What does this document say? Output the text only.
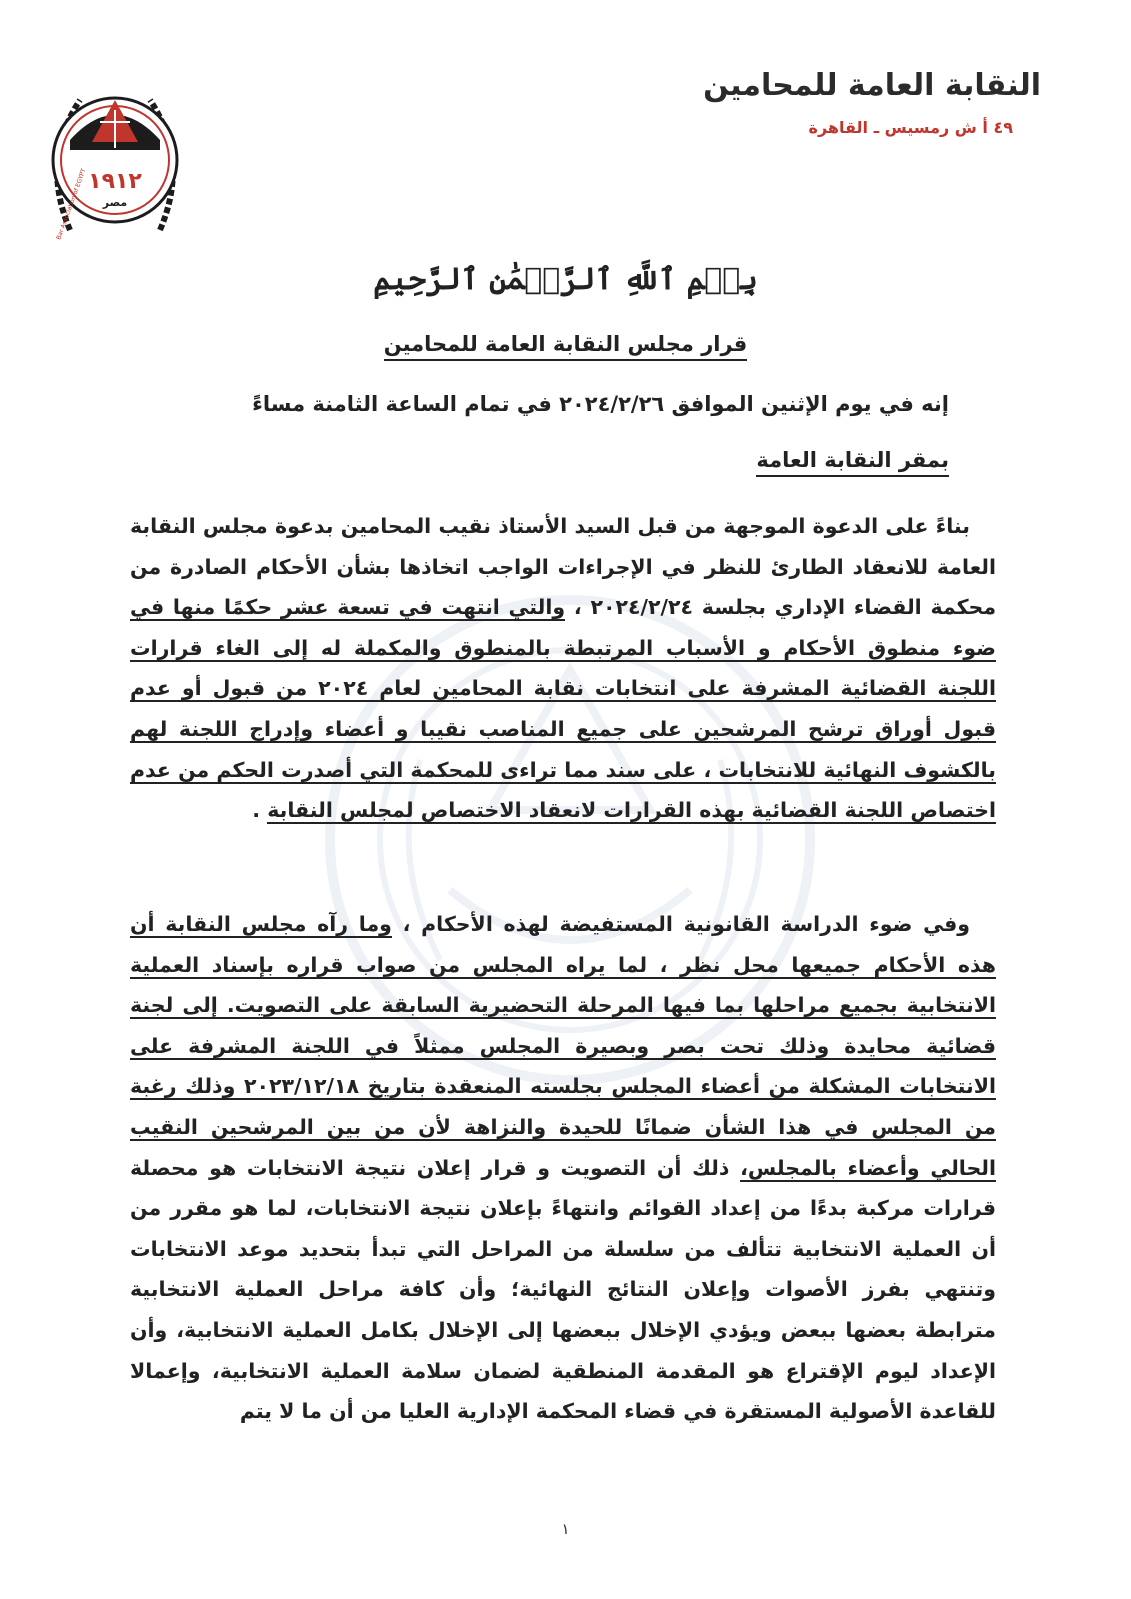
النقابة العامة للمحامين
٤٩ أ ش رمسيس ـ القاهرة
١٩١٢
مصر
Bar Association of EGYPT
بِسۡمِ ٱللَّهِ ٱلرَّحۡمَٰنِ ٱلرَّحِيمِ
قرار مجلس النقابة العامة للمحامين
إنه في يوم الإثنين الموافق ٢٠٢٤/٢/٢٦ في تمام الساعة الثامنة مساءً
بمقر النقابة العامة
بناءً على الدعوة الموجهة من قبل السيد الأستاذ نقيب المحامين بدعوة مجلس النقابة العامة للانعقاد الطارئ للنظر في الإجراءات الواجب اتخاذها بشأن الأحكام الصادرة من محكمة القضاء الإداري بجلسة ٢٠٢٤/٢/٢٤ ، والتي انتهت في تسعة عشر حكمًا منها في ضوء منطوق الأحكام و الأسباب المرتبطة بالمنطوق والمكملة له إلى الغاء قرارات اللجنة القضائية المشرفة على انتخابات نقابة المحامين لعام ٢٠٢٤ من قبول أو عدم قبول أوراق ترشح المرشحين على جميع المناصب نقيبا و أعضاء وإدراج اللجنة لهم بالكشوف النهائية للانتخابات ، على سند مما تراءى للمحكمة التي أصدرت الحكم من عدم اختصاص اللجنة القضائية بهذه القرارات لانعقاد الاختصاص لمجلس النقابة .
وفي ضوء الدراسة القانونية المستفيضة لهذه الأحكام ، وما رآه مجلس النقابة أن هذه الأحكام جميعها محل نظر ، لما يراه المجلس من صواب قراره بإسناد العملية الانتخابية بجميع مراحلها بما فيها المرحلة التحضيرية السابقة على التصويت. إلى لجنة قضائية محايدة وذلك تحت بصر وبصيرة المجلس ممثلاً في اللجنة المشرفة على الانتخابات المشكلة من أعضاء المجلس بجلسته المنعقدة بتاريخ ٢٠٢٣/١٢/١٨ وذلك رغبة من المجلس في هذا الشأن ضمانًا للحيدة والنزاهة لأن من بين المرشحين النقيب الحالي وأعضاء بالمجلس، ذلك أن التصويت و قرار إعلان نتيجة الانتخابات هو محصلة قرارات مركبة بدءًا من إعداد القوائم وانتهاءً بإعلان نتيجة الانتخابات، لما هو مقرر من أن العملية الانتخابية تتألف من سلسلة من المراحل التي تبدأ بتحديد موعد الانتخابات وتنتهي بفرز الأصوات وإعلان النتائج النهائية؛ وأن كافة مراحل العملية الانتخابية مترابطة بعضها ببعض ويؤدي الإخلال ببعضها إلى الإخلال بكامل العملية الانتخابية، وأن الإعداد ليوم الإقتراع هو المقدمة المنطقية لضمان سلامة العملية الانتخابية، وإعمالا للقاعدة الأصولية المستقرة في قضاء المحكمة الإدارية العليا من أن ما لا يتم
١
